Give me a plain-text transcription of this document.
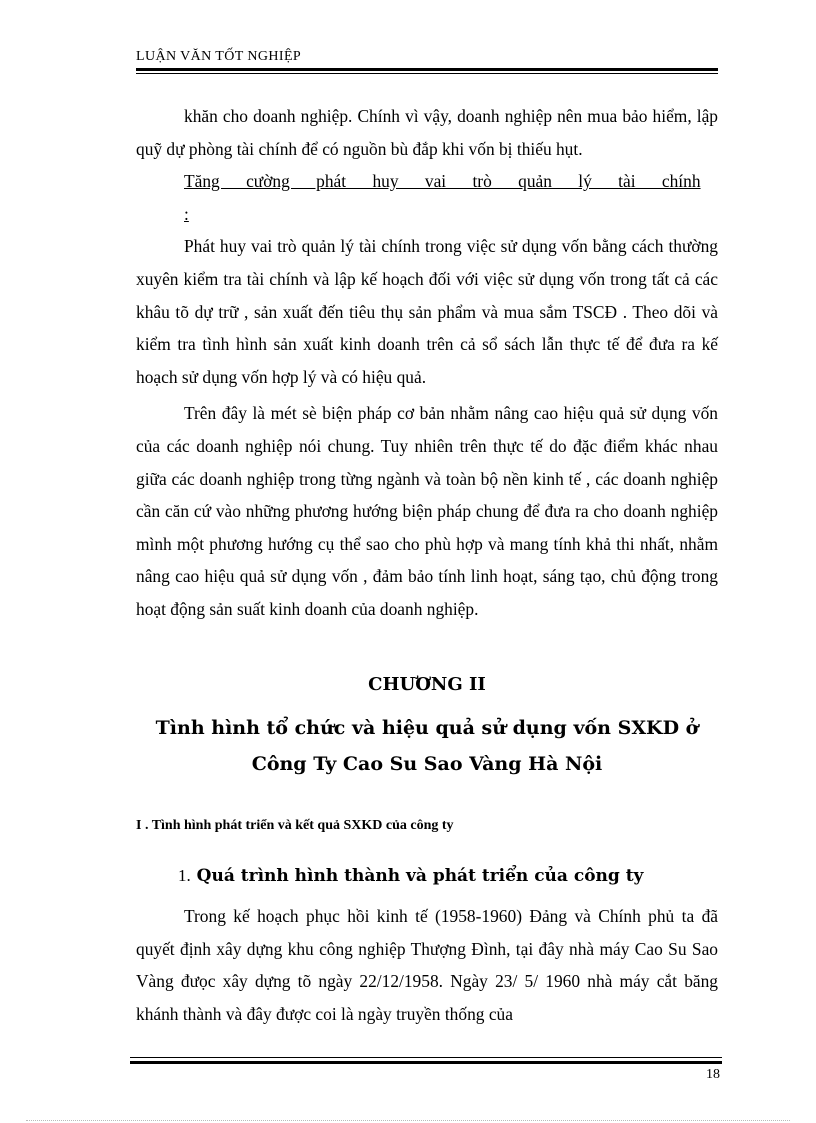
LUẬN VĂN TỐT NGHIỆP

khăn cho doanh nghiệp. Chính vì vậy, doanh nghiệp nên mua bảo hiểm, lập quỹ dự phòng tài chính để có nguồn bù đắp khi vốn bị thiếu hụt.

Tăng cường phát huy vai trò quản lý tài chính :

Phát huy vai trò quản lý tài chính trong việc sử dụng vốn bằng cách thường xuyên kiểm tra tài chính và lập kế hoạch đối với việc sử dụng vốn trong tất cả các khâu tõ dự trữ , sản xuất đến tiêu thụ sản phẩm và mua sắm TSCĐ . Theo dõi và kiểm tra tình hình sản xuất kinh doanh trên cả sổ sách lẫn thực tế để đưa ra kế hoạch sử dụng vốn hợp lý và có hiệu quả.

Trên đây là mét sè biện pháp cơ bản nhằm nâng cao hiệu quả sử dụng vốn của các doanh nghiệp nói chung. Tuy nhiên trên thực tế do đặc điểm khác nhau giữa các doanh nghiệp trong từng ngành và toàn bộ nền kinh tế , các doanh nghiệp cần căn cứ vào những phương hướng biện pháp chung để đưa ra cho doanh nghiệp mình một phương hướng cụ thể sao cho phù hợp và mang tính khả thi nhất, nhằm nâng cao hiệu quả sử dụng vốn , đảm bảo tính linh hoạt, sáng tạo, chủ động trong hoạt động sản suất kinh doanh của doanh nghiệp.

CHƯƠNG II
Tình hình tổ chức và hiệu quả sử dụng vốn SXKD ở Công Ty Cao Su Sao Vàng Hà Nội
I . Tình hình phát triển và kết quả SXKD của công ty
1. Quá trình hình thành và phát triển của công ty

Trong kế hoạch phục hồi kinh tế (1958-1960) Đảng và Chính phủ ta đã quyết định xây dựng khu công nghiệp Thượng Đình, tại đây nhà máy Cao Su Sao Vàng đưọc xây dựng tõ ngày 22/12/1958. Ngày 23/ 5/ 1960 nhà máy cắt băng khánh thành và đây được coi là ngày truyền thống của

18
